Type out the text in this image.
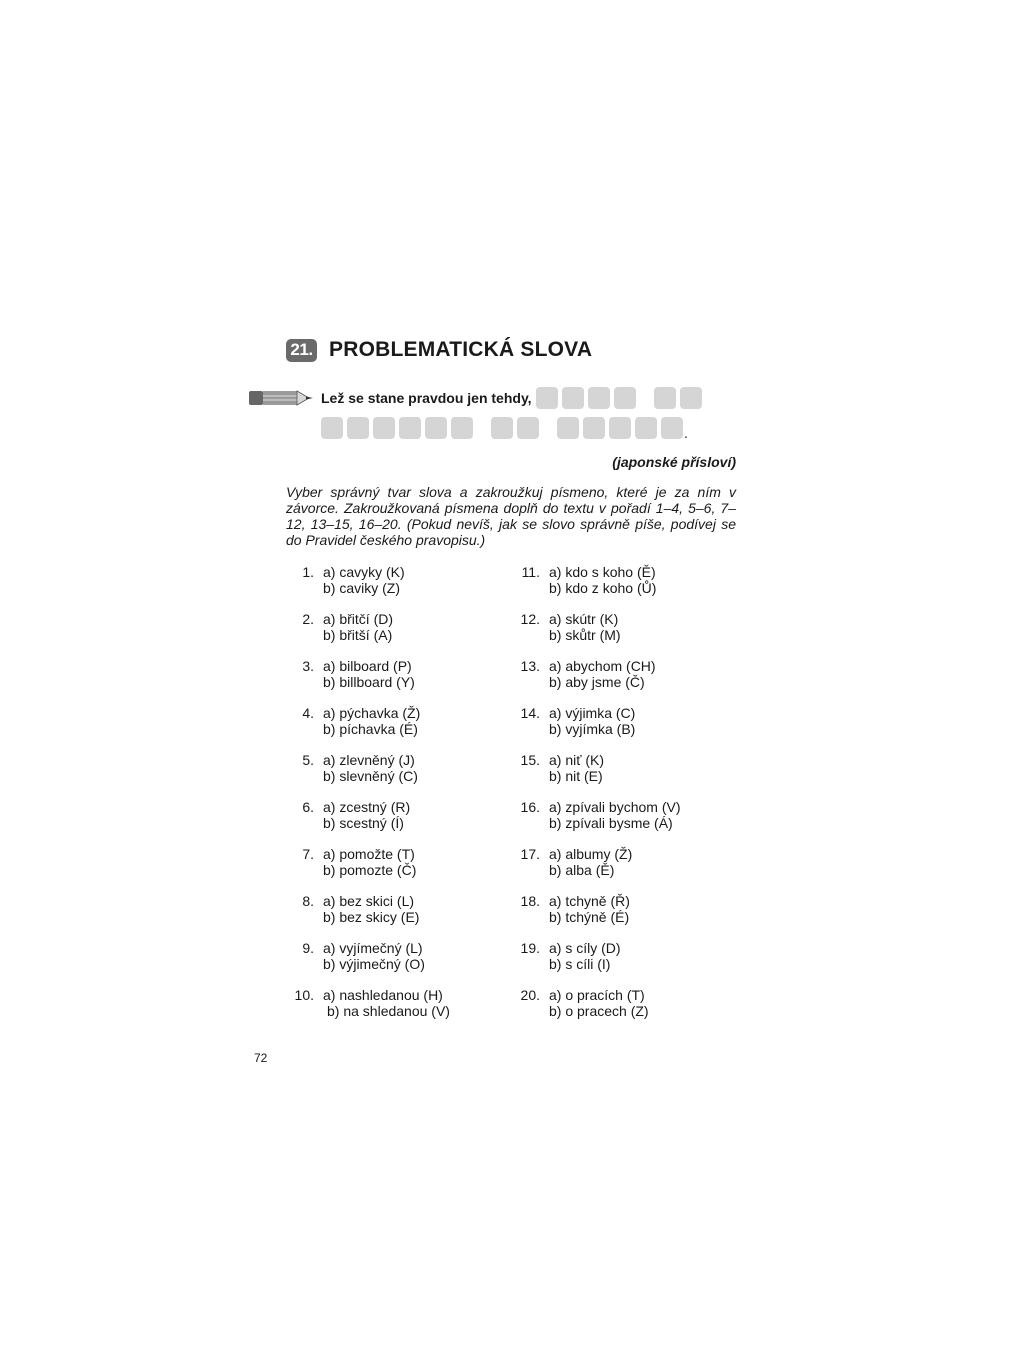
21. PROBLEMATICKÁ SLOVA
Lež se stane pravdou jen tehdy,
.
(japonské přísloví)
Vyber správný tvar slova a zakroužkuj písmeno, které je za ním v závorce. Zakroužkovaná písmena doplň do textu v pořadí 1–4, 5–6, 7–12, 13–15, 16–20. (Pokud nevíš, jak se slovo správně píše, podívej se do Pravidel českého pravopisu.)
1. a) cavyky (K)
b) caviky (Z)
2. a) břitčí (D)
b) břitší (A)
3. a) bilboard (P)
b) billboard (Y)
4. a) pýchavka (Ž)
b) píchavka (É)
5. a) zlevněný (J)
b) slevněný (C)
6. a) zcestný (R)
b) scestný (Í)
7. a) pomožte (T)
b) pomozte (Č)
8. a) bez skici (L)
b) bez skicy (E)
9. a) vyjímečný (L)
b) výjimečný (O)
10. a) nashledanou (H)
b) na shledanou (V)
11. a) kdo s koho (Ě)
b) kdo z koho (Ů)
12. a) skútr (K)
b) skůtr (M)
13. a) abychom (CH)
b) aby jsme (Č)
14. a) výjimka (C)
b) vyjímka (B)
15. a) niť (K)
b) nit (E)
16. a) zpívali bychom (V)
b) zpívali bysme (Á)
17. a) albumy (Ž)
b) alba (Ě)
18. a) tchyně (Ř)
b) tchýně (É)
19. a) s cíly (D)
b) s cíli (I)
20. a) o pracích (T)
b) o pracech (Z)
72
